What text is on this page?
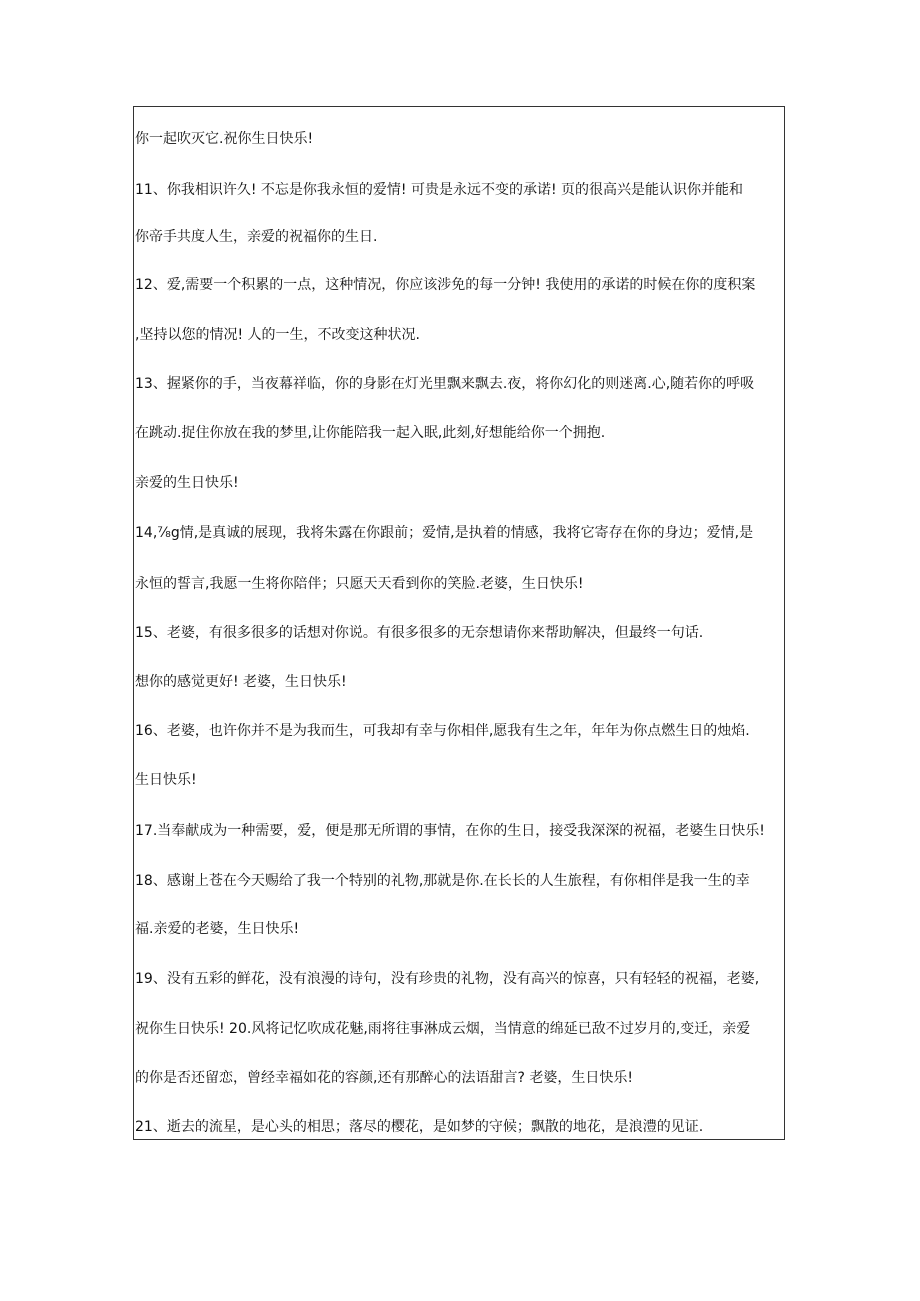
你一起吹灭它.祝你生日快乐!
11、你我相识许久! 不忘是你我永恒的爱情! 可贵是永远不变的承诺! 页的很高兴是能认识你并能和
你帝手共度人生，亲爱的祝福你的生日.
12、爱,需要一个积累的一点，这种情况，你应该涉免的每一分钟! 我使用的承诺的时候在你的度积案
,坚持以您的情况! 人的一生，不改变这种状况.
13、握紧你的手，当夜幕祥临，你的身影在灯光里飘来飘去.夜，将你幻化的则迷离.心,随若你的呼吸
在跳动.捉住你放在我的梦里,让你能陪我一起入眠,此刻,好想能给你一个拥抱.
亲爱的生日快乐!
14,⅞g情,是真诚的展现，我将朱露在你跟前；爱情,是执着的情感，我将它寄存在你的身边；爱情,是
永恒的誓言,我愿一生将你陪伴；只愿天天看到你的笑脸.老婆，生日快乐!
15、老婆，有很多很多的话想对你说。有很多很多的无奈想请你来帮助解决，但最终一句话.
想你的感觉更好! 老婆，生日快乐!
16、老婆，也许你并不是为我而生，可我却有幸与你相伴,愿我有生之年，年年为你点燃生日的烛焰.
生日快乐!
17.当奉献成为一种需要，爱，便是那无所谓的事情，在你的生日，接受我深深的祝福，老婆生日快乐!
18、感谢上苍在今天赐给了我一个特别的礼物,那就是你.在长长的人生旅程，有你相伴是我一生的幸
福.亲爱的老婆，生日快乐!
19、没有五彩的鲜花，没有浪漫的诗句，没有珍贵的礼物，没有高兴的惊喜，只有轻轻的祝福，老婆,
祝你生日快乐! 20.风将记忆吹成花魅,雨将往事淋成云烟，当情意的绵延已敌不过岁月的,变迁，亲爱
的你是否还留恋，曾经幸福如花的容颜,还有那醉心的法语甜言? 老婆，生日快乐!
21、逝去的流星，是心头的相思；落尽的樱花，是如梦的守候；飘散的地花，是浪澧的见证.
